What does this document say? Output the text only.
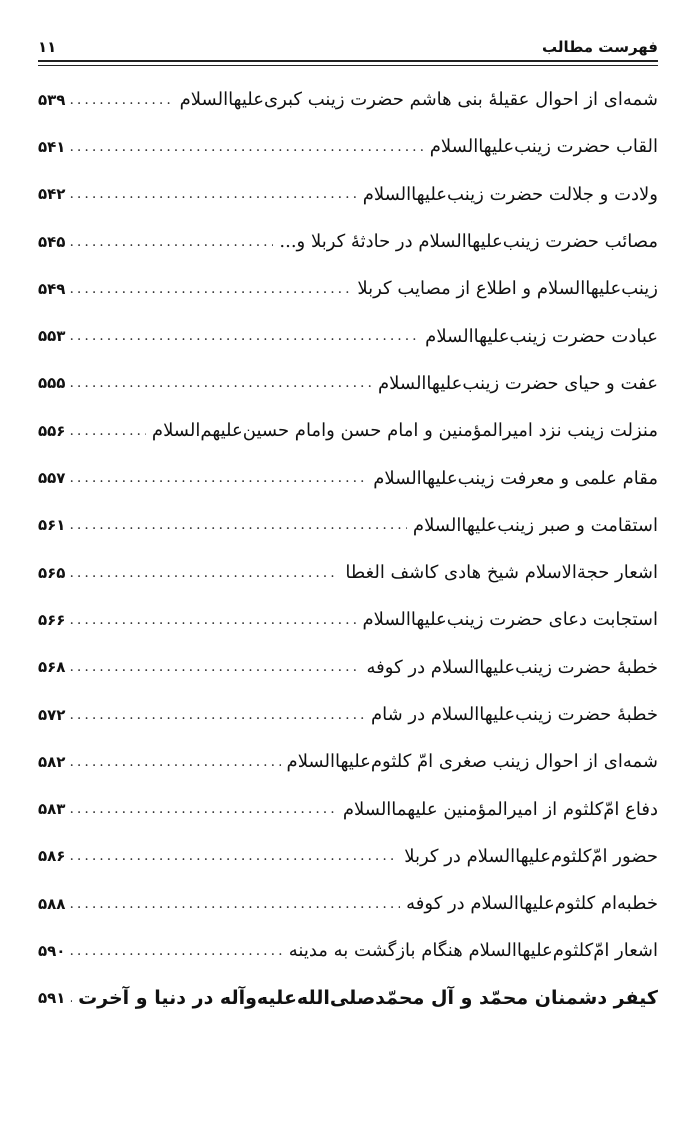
فهرست مطالب
۱۱
شمه‌ای از احوال عقیلهٔ بنی هاشم حضرت زینب کبری‌عليها‌السلام
.....
۵۳۹
القاب حضرت زینب‌عليها‌السلام
.....
۵۴۱
ولادت و جلالت حضرت زینب‌عليها‌السلام
.....
۵۴۲
مصائب حضرت زینب‌عليها‌السلام در حادثهٔ کربلا و...
.....
۵۴۵
زینب‌عليها‌السلام و اطلاع از مصایب کربلا
.....
۵۴۹
عبادت حضرت زینب‌عليها‌السلام
.....
۵۵۳
عفت و حیای حضرت زینب‌عليها‌السلام
.....
۵۵۵
منزلت زینب نزد امیرالمؤمنین و امام حسن وامام حسین‌عليهم‌السلام
.....
۵۵۶
مقام علمی و معرفت زینب‌عليها‌السلام
.....
۵۵۷
استقامت و صبر زینب‌عليها‌السلام
.....
۵۶۱
اشعار حجةالاسلام شیخ هادی کاشف الغطا
.....
۵۶۵
استجابت دعای حضرت زینب‌عليها‌السلام
.....
۵۶۶
خطبهٔ حضرت زینب‌عليها‌السلام در کوفه
.....
۵۶۸
خطبهٔ حضرت زینب‌عليها‌السلام در شام
.....
۵۷۲
شمه‌ای از احوال زینب صغری امّ کلثوم‌عليها‌السلام
.....
۵۸۲
دفاع امّ‌کلثوم از امیرالمؤمنین علیهماالسلام
.....
۵۸۳
حضور امّ‌کلثوم‌عليها‌السلام در کربلا
.....
۵۸۶
خطبه‌ام کلثوم‌عليها‌السلام در کوفه
.....
۵۸۸
اشعار امّ‌کلثوم‌عليها‌السلام هنگام بازگشت به مدینه
.....
۵۹۰
کیفر دشمنان محمّد و آل محمّد‌صلی‌الله‌علیه‌وآله در دنیا و آخرت
.....
۵۹۱
